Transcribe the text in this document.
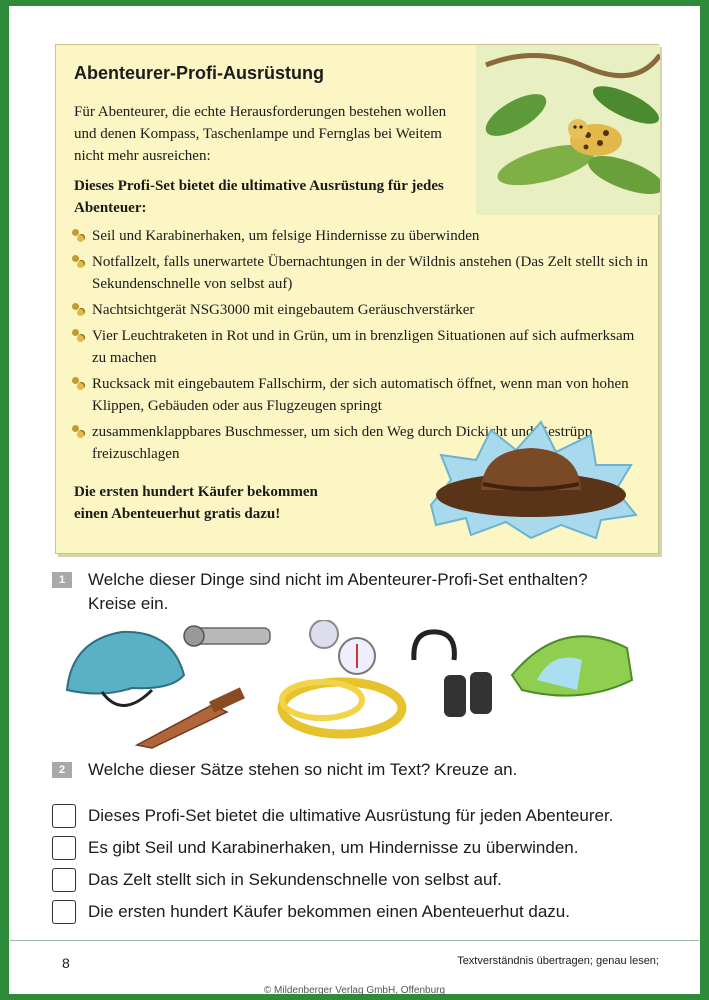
Abenteurer-Profi-Ausrüstung

Für Abenteurer, die echte Herausforderungen bestehen wollen und denen Kompass, Taschenlampe und Fernglas bei Weitem nicht mehr ausreichen:

Dieses Profi-Set bietet die ultimative Ausrüstung für jedes Abenteuer:

Seil und Karabinerhaken, um felsige Hindernisse zu überwinden
Notfallzelt, falls unerwartete Übernachtungen in der Wildnis anstehen (Das Zelt stellt sich in Sekundenschnelle von selbst auf)
Nachtsichtgerät NSG3000 mit eingebautem Geräuschverstärker
Vier Leuchtraketen in Rot und in Grün, um in brenzligen Situationen auf sich aufmerksam zu machen
Rucksack mit eingebautem Fallschirm, der sich automatisch öffnet, wenn man von hohen Klippen, Gebäuden oder aus Flugzeugen springt
zusammenklappbares Buschmesser, um sich den Weg durch Dickicht und Gestrüpp freizuschlagen
Die ersten hundert Käufer bekommen
einen Abenteuerhut gratis dazu!
1 Welche dieser Dinge sind nicht im Abenteurer-Profi-Set enthalten?
Kreise ein.
2 Welche dieser Sätze stehen so nicht im Text? Kreuze an.
Dieses Profi-Set bietet die ultimative Ausrüstung für jeden Abenteurer.
Es gibt Seil und Karabinerhaken, um Hindernisse zu überwinden.
Das Zelt stellt sich in Sekundenschnelle von selbst auf.
Die ersten hundert Käufer bekommen einen Abenteuerhut dazu.
8	Textverständnis übertragen; genau lesen;
© Mildenberger Verlag GmbH, Offenburg
